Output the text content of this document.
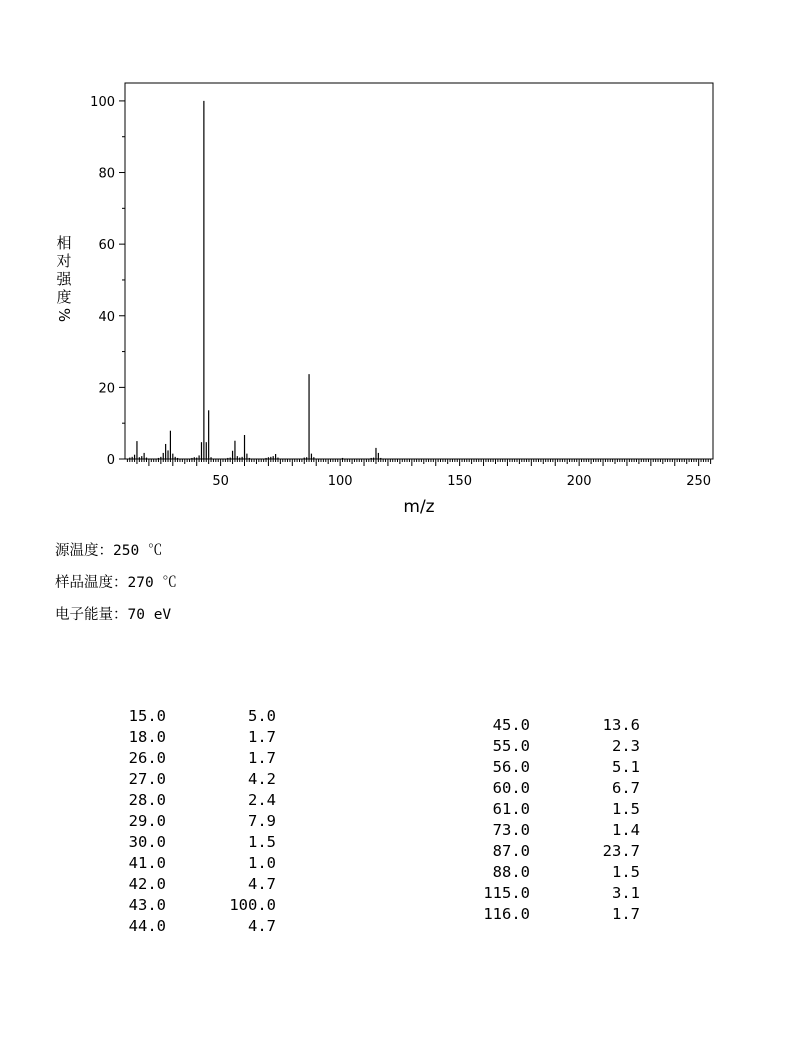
0
20
40
60
80
100
50	100	150	200	250
m/z
相
对
强
度
%
源温度：250 ℃
样品温度：270 ℃
电子能量：70 eV
15.0	5.0
18.0	1.7
26.0	1.7
27.0	4.2
28.0	2.4
29.0	7.9
30.0	1.5
41.0	1.0
42.0	4.7
43.0	100.0
44.0	4.7
45.0	13.6
55.0	2.3
56.0	5.1
60.0	6.7
61.0	1.5
73.0	1.4
87.0	23.7
88.0	1.5
115.0	3.1
116.0	1.7
